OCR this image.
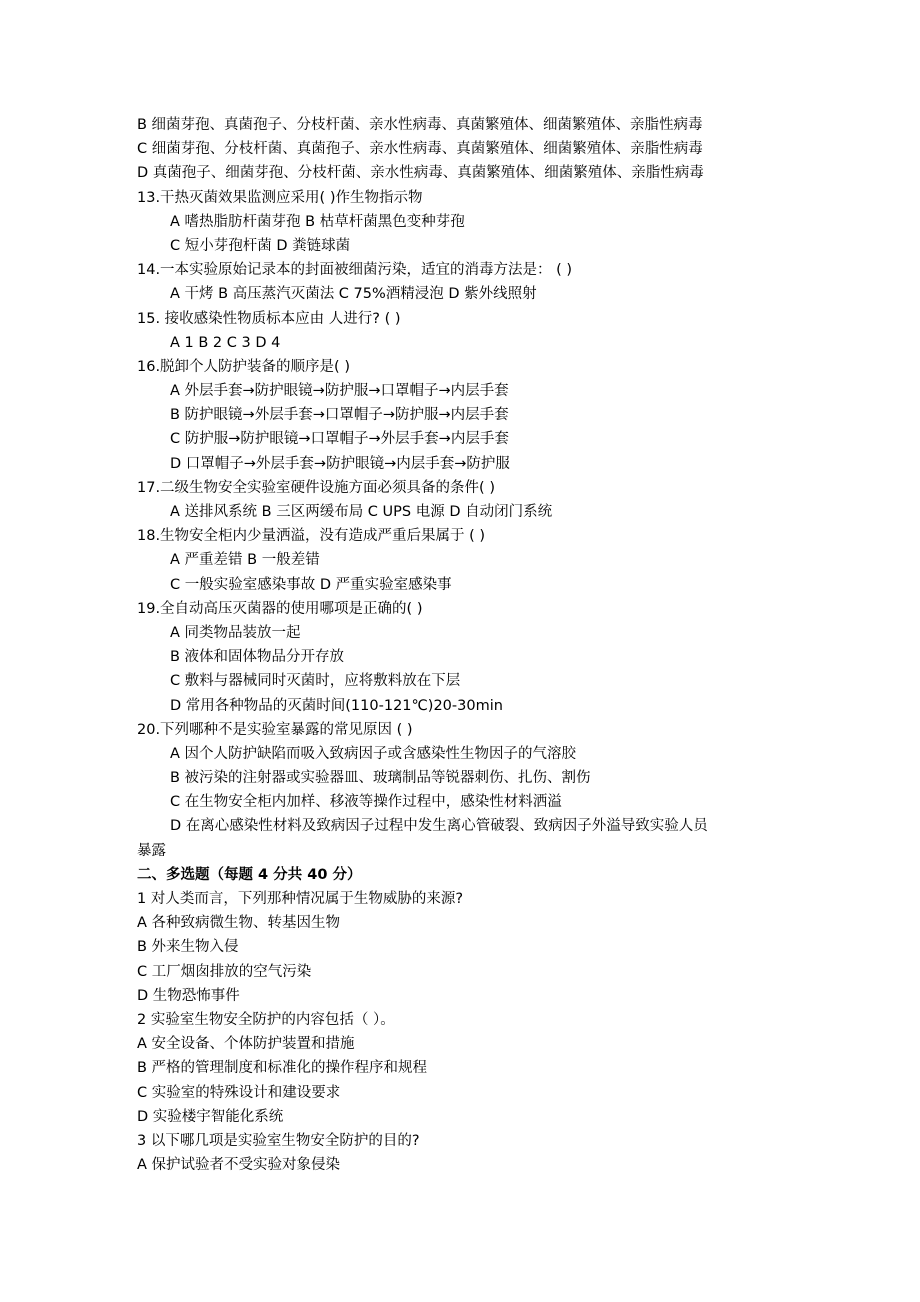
B 细菌芽孢、真菌孢子、分枝杆菌、亲水性病毒、真菌繁殖体、细菌繁殖体、亲脂性病毒
C 细菌芽孢、分枝杆菌、真菌孢子、亲水性病毒、真菌繁殖体、细菌繁殖体、亲脂性病毒
D 真菌孢子、细菌芽孢、分枝杆菌、亲水性病毒、真菌繁殖体、细菌繁殖体、亲脂性病毒
13.干热灭菌效果监测应采用( )作生物指示物
A 嗜热脂肪杆菌芽孢 B 枯草杆菌黑色变种芽孢
C 短小芽孢杆菌 D 粪链球菌
14.一本实验原始记录本的封面被细菌污染，适宜的消毒方法是： ( )
A 干烤 B 高压蒸汽灭菌法 C 75%酒精浸泡 D 紫外线照射
15. 接收感染性物质标本应由 人进行? ( )
A 1 B 2 C 3 D 4
16.脱卸个人防护装备的顺序是( )
A 外层手套→防护眼镜→防护服→口罩帽子→内层手套
B 防护眼镜→外层手套→口罩帽子→防护服→内层手套
C 防护服→防护眼镜→口罩帽子→外层手套→内层手套
D 口罩帽子→外层手套→防护眼镜→内层手套→防护服
17.二级生物安全实验室硬件设施方面必须具备的条件( )
A 送排风系统 B 三区两缓布局 C UPS 电源 D 自动闭门系统
18.生物安全柜内少量洒溢，没有造成严重后果属于 ( )
A 严重差错 B 一般差错
C 一般实验室感染事故 D 严重实验室感染事
19.全自动高压灭菌器的使用哪项是正确的( )
A 同类物品装放一起
B 液体和固体物品分开存放
C 敷料与器械同时灭菌时，应将敷料放在下层
D 常用各种物品的灭菌时间(110-121℃)20-30min
20.下列哪种不是实验室暴露的常见原因 ( )
A 因个人防护缺陷而吸入致病因子或含感染性生物因子的气溶胶
B 被污染的注射器或实验器皿、玻璃制品等锐器刺伤、扎伤、割伤
C 在生物安全柜内加样、移液等操作过程中，感染性材料洒溢
D 在离心感染性材料及致病因子过程中发生离心管破裂、致病因子外溢导致实验人员
暴露
二、多选题（每题 4 分共 40 分）
1 对人类而言，下列那种情况属于生物威胁的来源?
A 各种致病微生物、转基因生物
B 外来生物入侵
C 工厂烟囱排放的空气污染
D 生物恐怖事件
2 实验室生物安全防护的内容包括（ ）。
A 安全设备、个体防护装置和措施
B 严格的管理制度和标准化的操作程序和规程
C 实验室的特殊设计和建设要求
D 实验楼宇智能化系统
3 以下哪几项是实验室生物安全防护的目的?
A 保护试验者不受实验对象侵染
